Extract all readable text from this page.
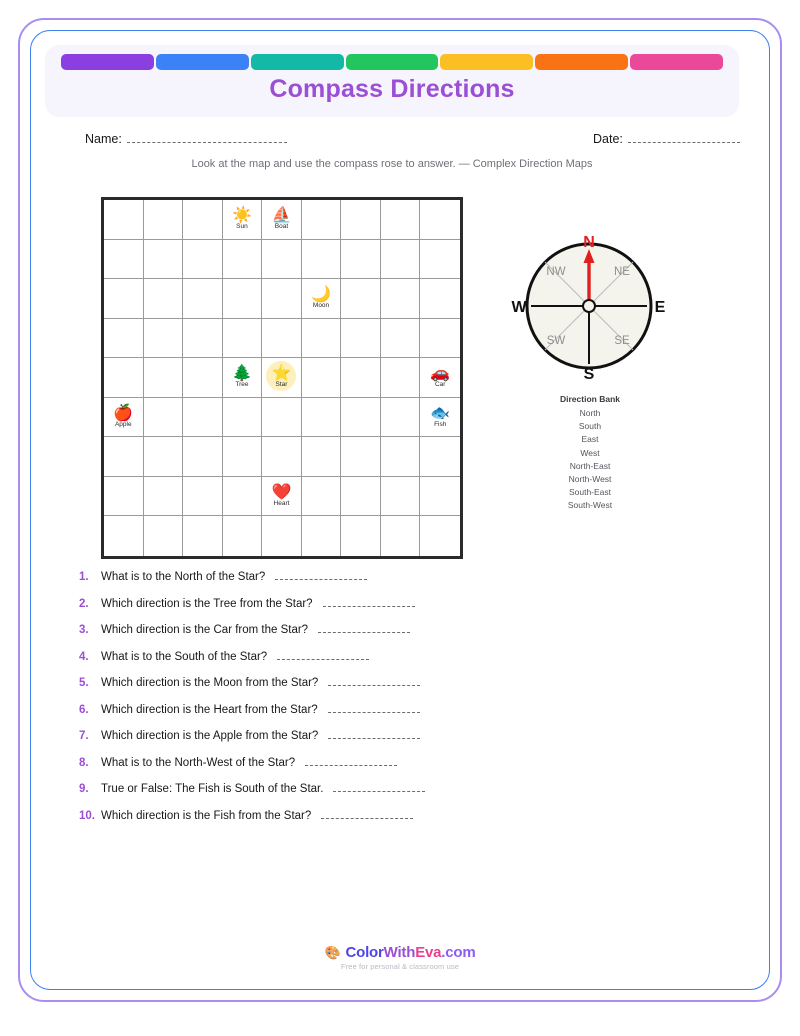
Compass Directions
Name:	Date:
Look at the map and use the compass rose to answer. — Complex Direction Maps
☀️
Sun
⛵
Boat
🌙
Moon
🌲
Tree
⭐
Star
🚗
Car
🍎
Apple
🐟
Fish
❤️
Heart
N
S
E
W
NE
NW
SE
SW
Direction Bank
North
South
East
West
North-East
North-West
South-East
South-West
1.	What is to the North of the Star?
2.	Which direction is the Tree from the Star?
3.	Which direction is the Car from the Star?
4.	What is to the South of the Star?
5.	Which direction is the Moon from the Star?
6.	Which direction is the Heart from the Star?
7.	Which direction is the Apple from the Star?
8.	What is to the North-West of the Star?
9.	True or False: The Fish is South of the Star.
10. Which direction is the Fish from the Star?
🎨 ColorWithEva.com
Free for personal & classroom use
